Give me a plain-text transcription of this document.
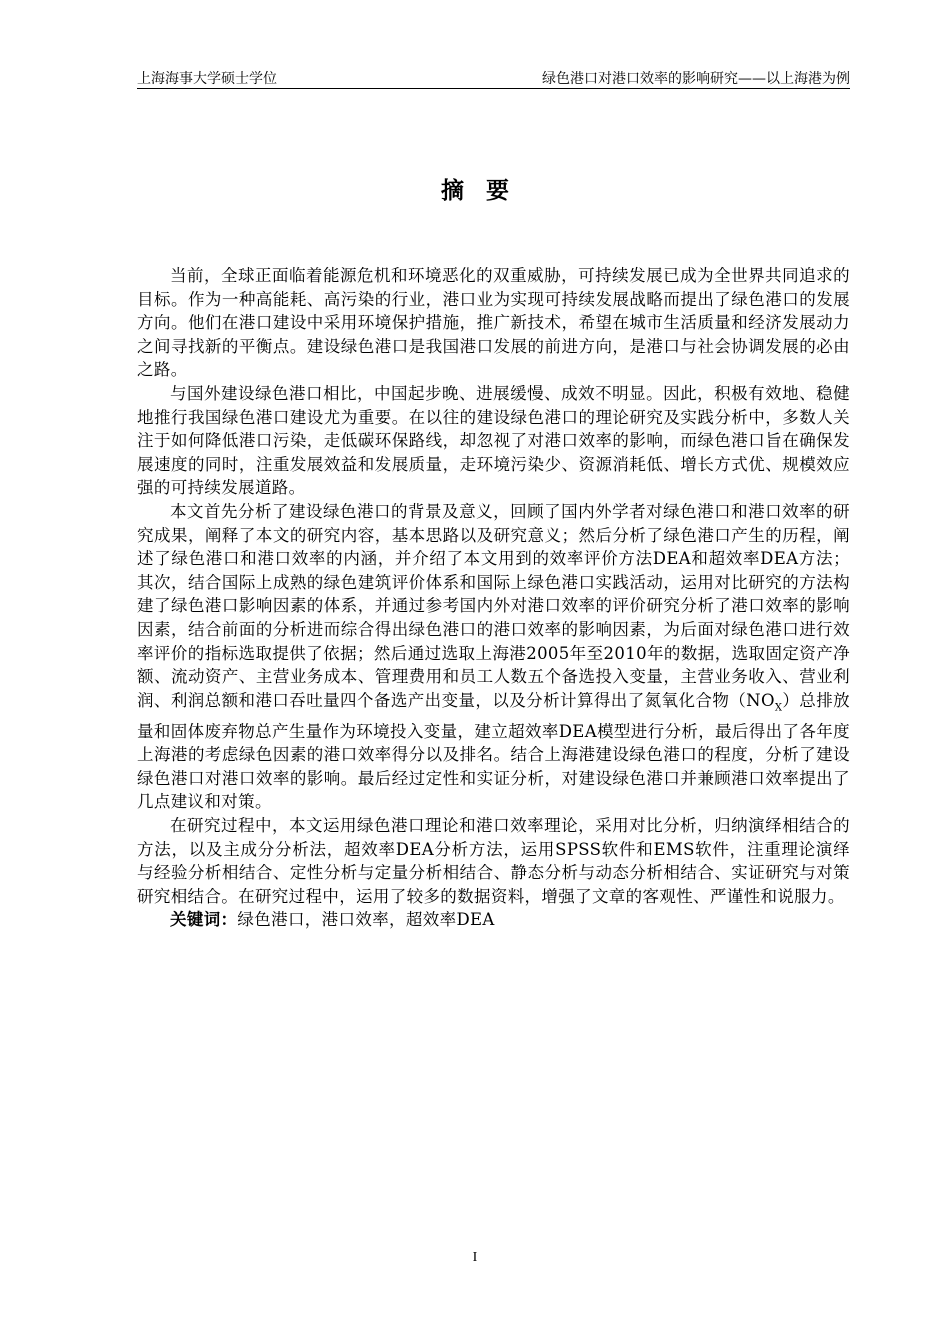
上海海事大学硕士学位	绿色港口对港口效率的影响研究——以上海港为例
摘要

当前，全球正面临着能源危机和环境恶化的双重威胁，可持续发展已成为全世界共同追求的目标。作为一种高能耗、高污染的行业，港口业为实现可持续发展战略而提出了绿色港口的发展方向。他们在港口建设中采用环境保护措施，推广新技术，希望在城市生活质量和经济发展动力之间寻找新的平衡点。建设绿色港口是我国港口发展的前进方向，是港口与社会协调发展的必由之路。

与国外建设绿色港口相比，中国起步晚、进展缓慢、成效不明显。因此，积极有效地、稳健地推行我国绿色港口建设尤为重要。在以往的建设绿色港口的理论研究及实践分析中，多数人关注于如何降低港口污染，走低碳环保路线，却忽视了对港口效率的影响，而绿色港口旨在确保发展速度的同时，注重发展效益和发展质量，走环境污染少、资源消耗低、增长方式优、规模效应强的可持续发展道路。

本文首先分析了建设绿色港口的背景及意义，回顾了国内外学者对绿色港口和港口效率的研究成果，阐释了本文的研究内容，基本思路以及研究意义；然后分析了绿色港口产生的历程，阐述了绿色港口和港口效率的内涵，并介绍了本文用到的效率评价方法DEA和超效率DEA方法；其次，结合国际上成熟的绿色建筑评价体系和国际上绿色港口实践活动，运用对比研究的方法构建了绿色港口影响因素的体系，并通过参考国内外对港口效率的评价研究分析了港口效率的影响因素，结合前面的分析进而综合得出绿色港口的港口效率的影响因素，为后面对绿色港口进行效率评价的指标选取提供了依据；然后通过选取上海港2005年至2010年的数据，选取固定资产净额、流动资产、主营业务成本、管理费用和员工人数五个备选投入变量，主营业务收入、营业利润、利润总额和港口吞吐量四个备选产出变量，以及分析计算得出了氮氧化合物$(NO_X)$总排放量和固体废弃物总产生量作为环境投入变量，建立超效率DEA模型进行分析，最后得出了各年度上海港的考虑绿色因素的港口效率得分以及排名。结合上海港建设绿色港口的程度，分析了建设绿色港口对港口效率的影响。最后经过定性和实证分析，对建设绿色港口并兼顾港口效率提出了几点建议和对策。

在研究过程中，本文运用绿色港口理论和港口效率理论，采用对比分析，归纳演绎相结合的方法，以及主成分分析法，超效率DEA分析方法，运用SPSS软件和EMS软件，注重理论演绎与经验分析相结合、定性分析与定量分析相结合、静态分析与动态分析相结合、实证研究与对策研究相结合。在研究过程中，运用了较多的数据资料，增强了文章的客观性、严谨性和说服力。

关键词：绿色港口，港口效率，超效率DEA

I
